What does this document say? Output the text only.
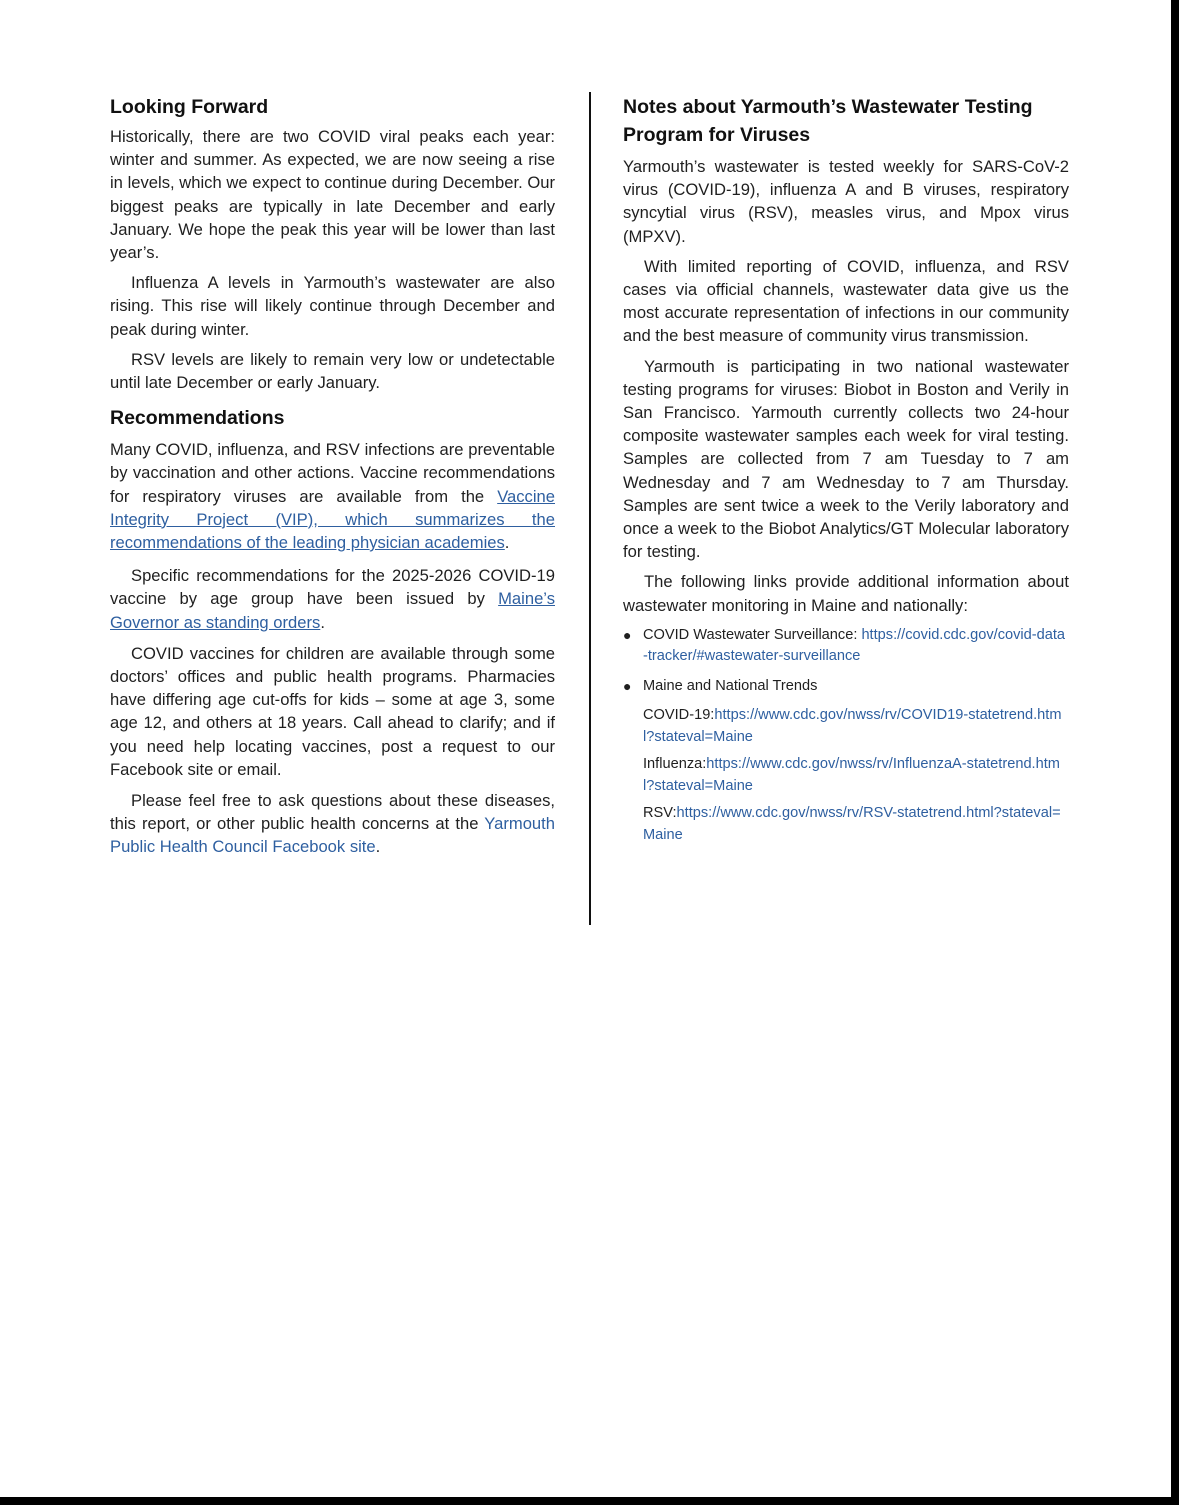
Looking Forward

Historically, there are two COVID viral peaks each year: winter and summer. As expected, we are now seeing a rise in levels, which we expect to continue during December. Our biggest peaks are typically in late December and early January. We hope the peak this year will be lower than last year’s.

Influenza A levels in Yarmouth’s wastewater are also rising. This rise will likely continue through December and peak during winter.

RSV levels are likely to remain very low or undetectable until late December or early January.

Recommendations

Many COVID, influenza, and RSV infections are preventable by vaccination and other actions. Vaccine recommendations for respiratory viruses are available from the Vaccine Integrity Project (VIP), which summarizes the recommendations of the leading physician academies.

Specific recommendations for the 2025-2026 COVID-19 vaccine by age group have been issued by Maine’s Governor as standing orders.

COVID vaccines for children are available through some doctors’ offices and public health programs. Pharmacies have differing age cut-offs for kids – some at age 3, some age 12, and others at 18 years. Call ahead to clarify; and if you need help locating vaccines, post a request to our Facebook site or email.

Please feel free to ask questions about these diseases, this report, or other public health concerns at the Yarmouth Public Health Council Facebook site.

Notes about Yarmouth’s Wastewater Testing Program for Viruses

Yarmouth’s wastewater is tested weekly for SARS-CoV-2 virus (COVID-19), influenza A and B viruses, respiratory syncytial virus (RSV), measles virus, and Mpox virus (MPXV).

With limited reporting of COVID, influenza, and RSV cases via official channels, wastewater data give us the most accurate representation of infections in our community and the best measure of community virus transmission.

Yarmouth is participating in two national wastewater testing programs for viruses: Biobot in Boston and Verily in San Francisco. Yarmouth currently collects two 24-hour composite wastewater samples each week for viral testing. Samples are collected from 7 am Tuesday to 7 am Wednesday and 7 am Wednesday to 7 am Thursday. Samples are sent twice a week to the Verily laboratory and once a week to the Biobot Analytics/GT Molecular laboratory for testing.

The following links provide additional information about wastewater monitoring in Maine and nationally:

● COVID Wastewater Surveillance: https://covid.cdc.gov/covid-data-tracker/#wastewater-surveillance
● Maine and National Trends
COVID-19:https://www.cdc.gov/nwss/rv/COVID19-statetrend.html?stateval=Maine
Influenza:https://www.cdc.gov/nwss/rv/InfluenzaA-statetrend.html?stateval=Maine
RSV:https://www.cdc.gov/nwss/rv/RSV-statetrend.html?stateval=Maine
